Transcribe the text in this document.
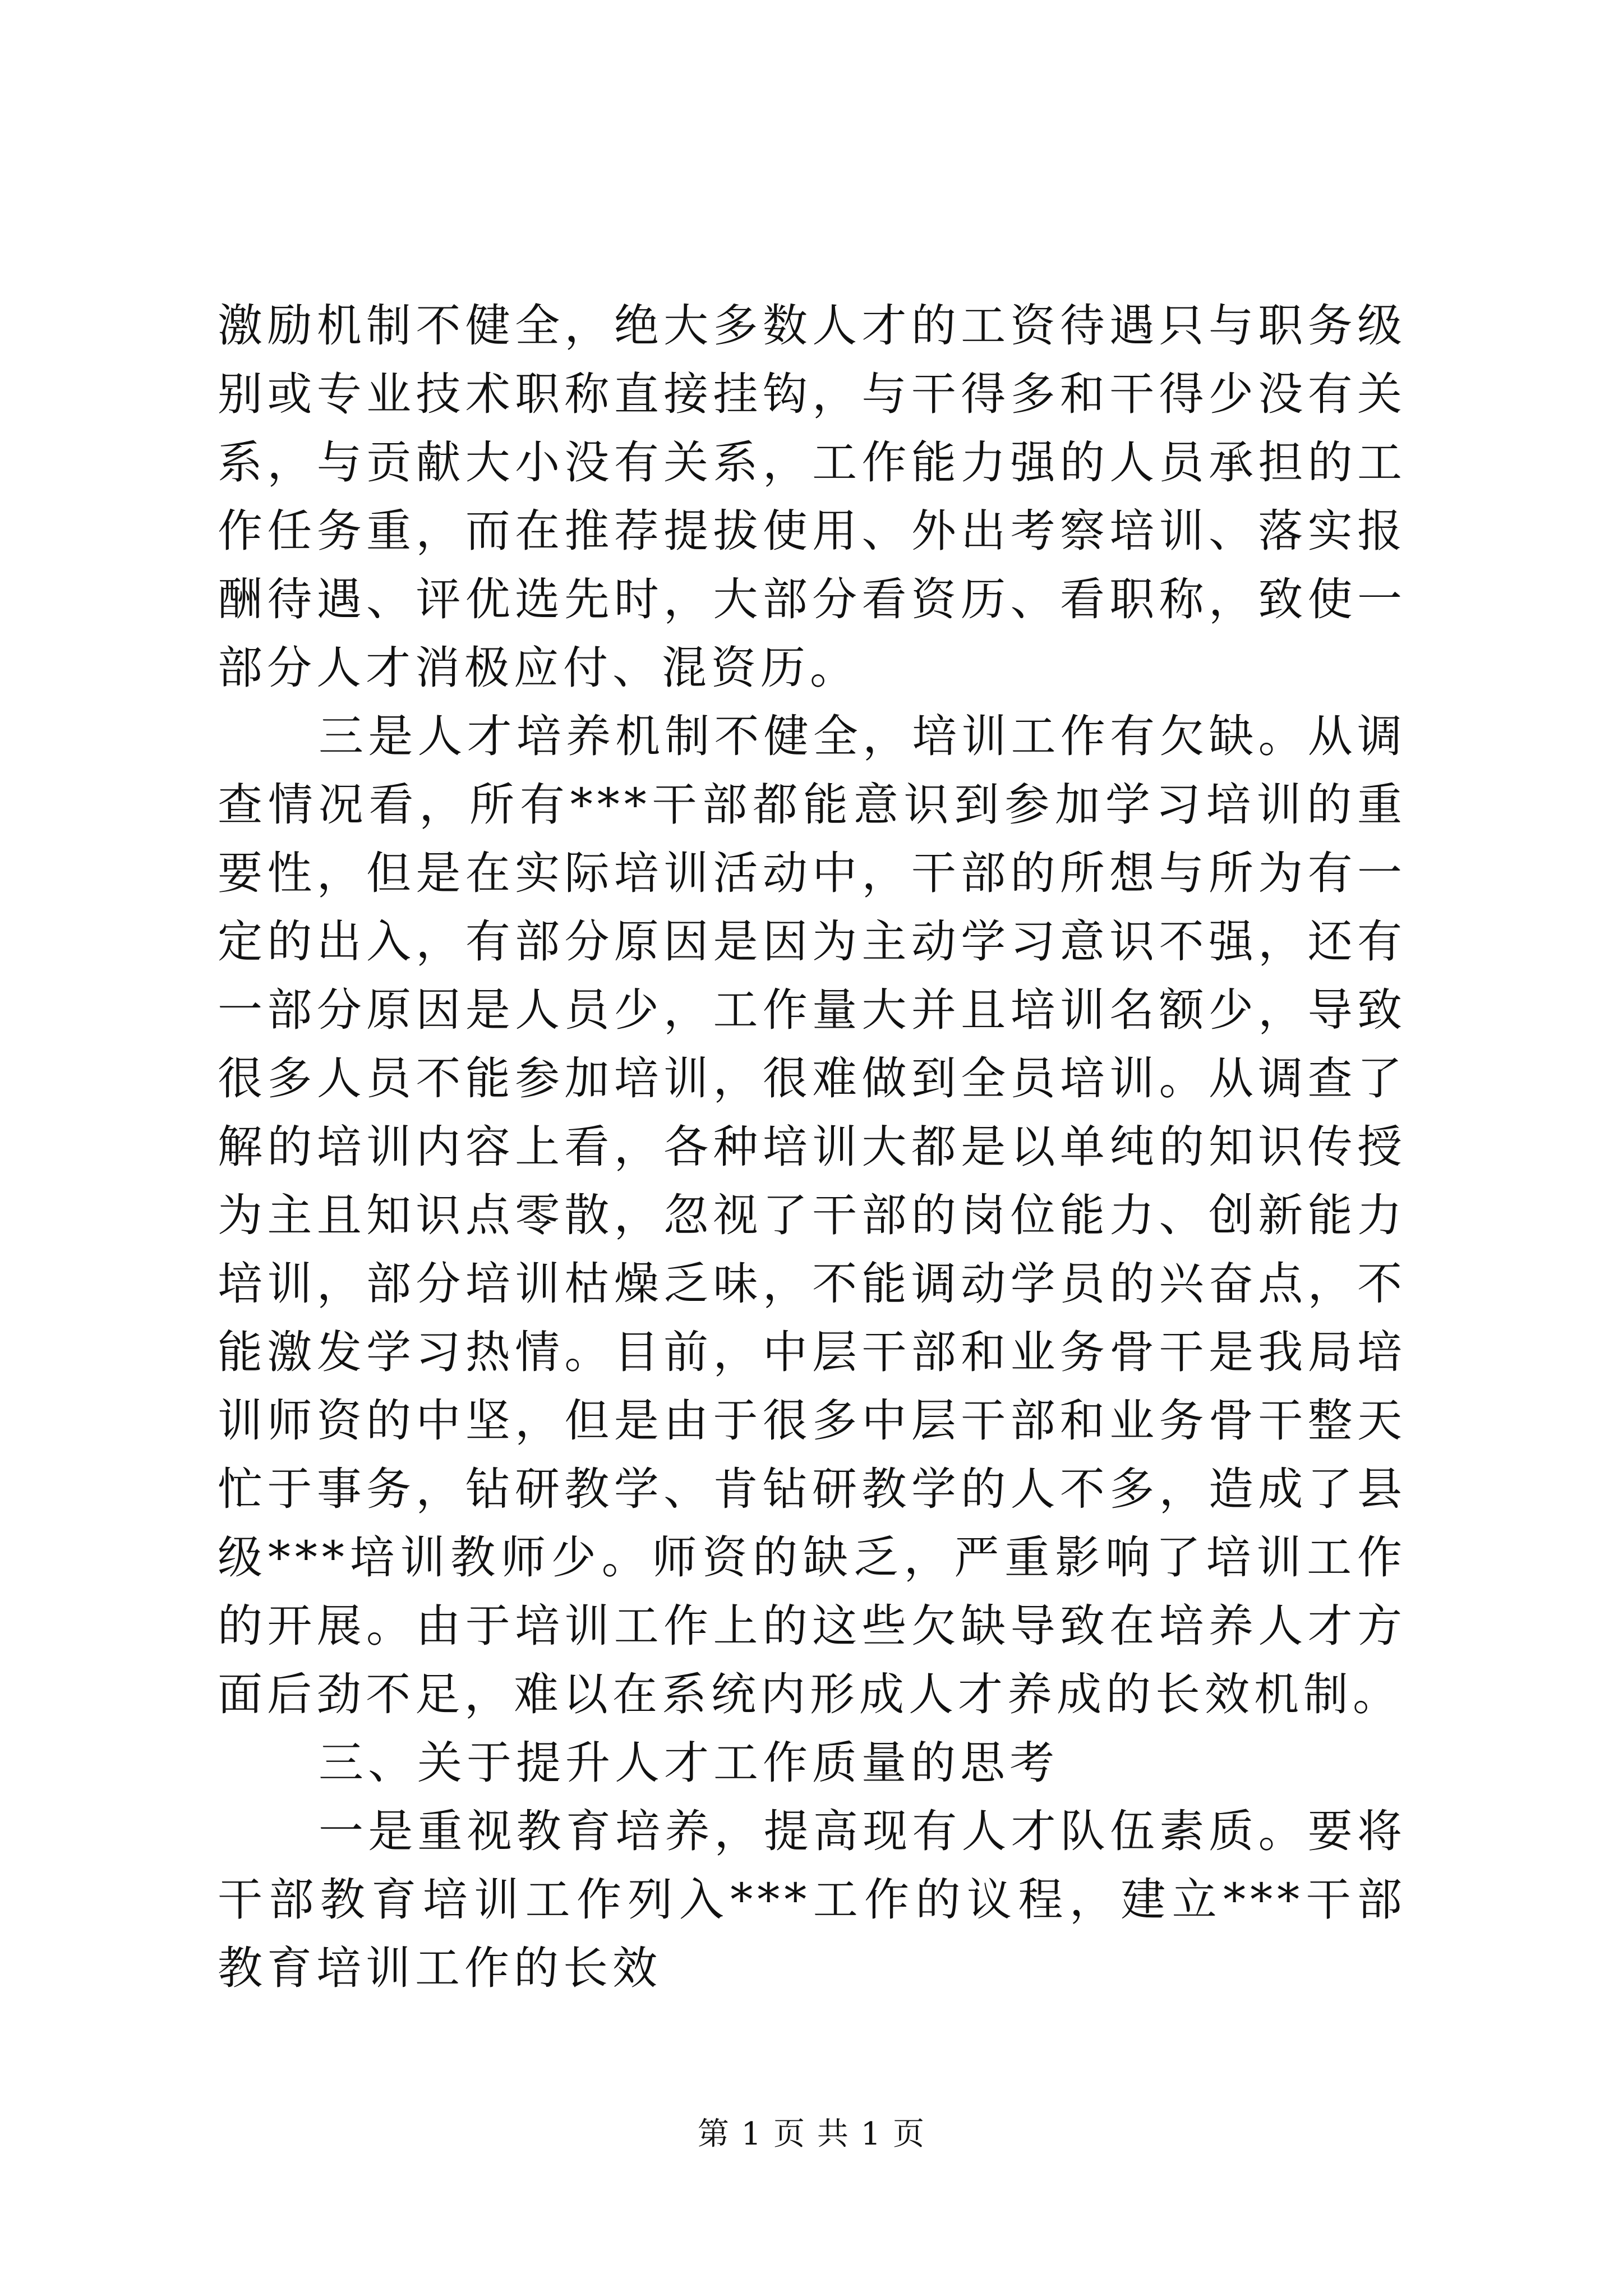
激励机制不健全，绝大多数人才的工资待遇只与职务级别或专业技术职称直接挂钩，与干得多和干得少没有关系，与贡献大小没有关系，工作能力强的人员承担的工作任务重，而在推荐提拔使用、外出考察培训、落实报酬待遇、评优选先时，大部分看资历、看职称，致使一部分人才消极应付、混资历。

三是人才培养机制不健全，培训工作有欠缺。从调查情况看，所有***干部都能意识到参加学习培训的重要性，但是在实际培训活动中，干部的所想与所为有一定的出入，有部分原因是因为主动学习意识不强，还有一部分原因是人员少，工作量大并且培训名额少，导致很多人员不能参加培训，很难做到全员培训。从调查了解的培训内容上看，各种培训大都是以单纯的知识传授为主且知识点零散，忽视了干部的岗位能力、创新能力培训，部分培训枯燥乏味，不能调动学员的兴奋点，不能激发学习热情。目前，中层干部和业务骨干是我局培训师资的中坚，但是由于很多中层干部和业务骨干整天忙于事务，钻研教学、肯钻研教学的人不多，造成了县级***培训教师少。师资的缺乏，严重影响了培训工作的开展。由于培训工作上的这些欠缺导致在培养人才方面后劲不足，难以在系统内形成人才养成的长效机制。

三、关于提升人才工作质量的思考

一是重视教育培养，提高现有人才队伍素质。要将干部教育培训工作列入***工作的议程，建立***干部教育培训工作的长效

第 1 页 共 1 页
